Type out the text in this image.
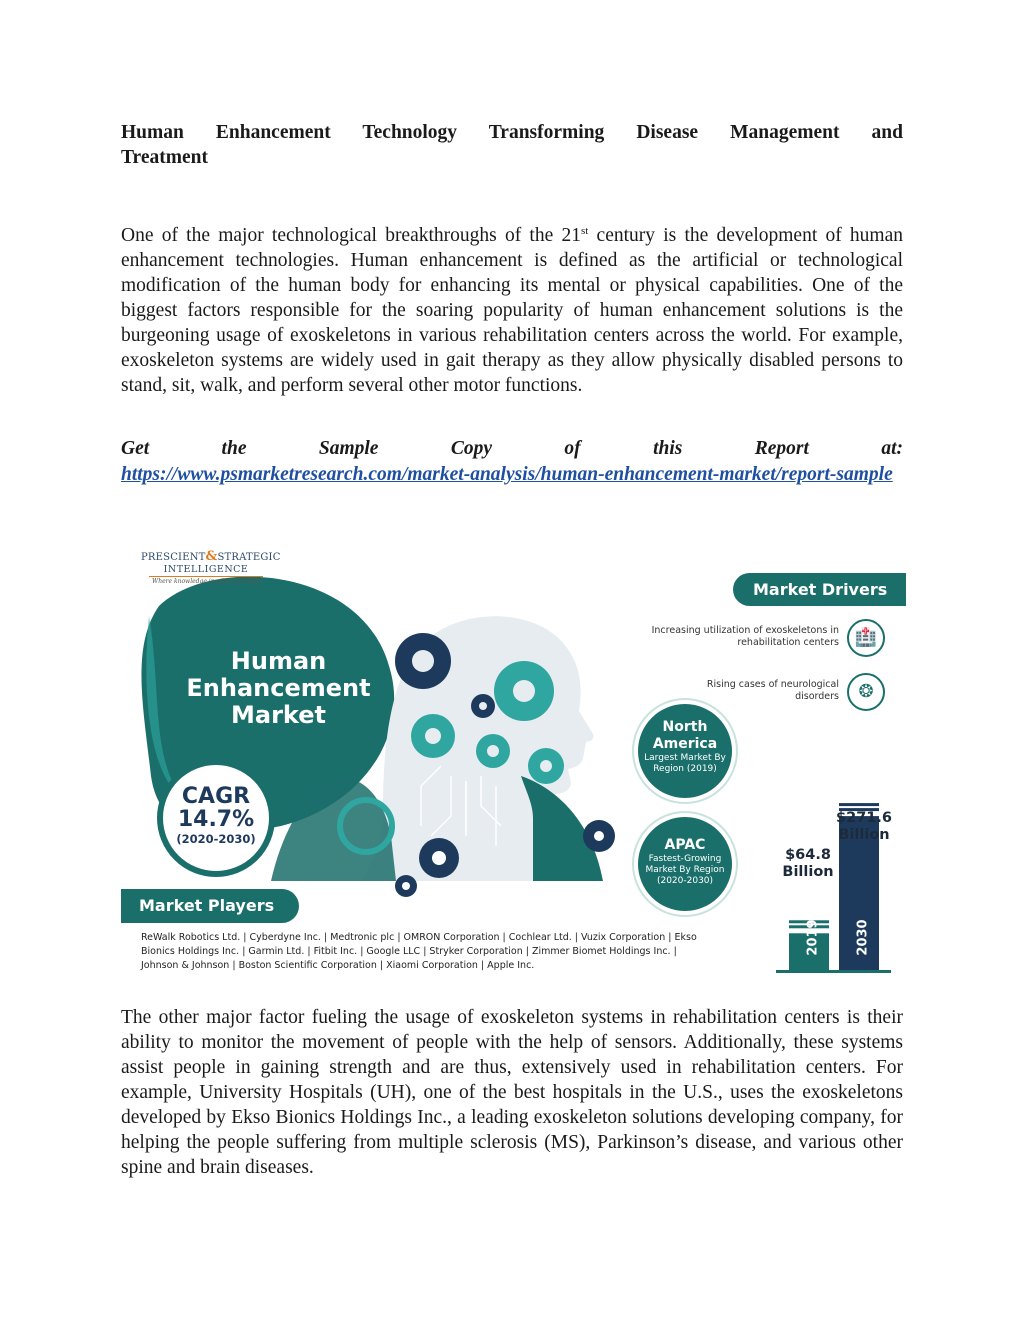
Human Enhancement Technology Transforming Disease Management and
Treatment

One of the major technological breakthroughs of the 21st century is the development of human enhancement technologies. Human enhancement is defined as the artificial or technological modification of the human body for enhancing its mental or physical capabilities. One of the biggest factors responsible for the soaring popularity of human enhancement solutions is the burgeoning usage of exoskeletons in various rehabilitation centers across the world. For example, exoskeleton systems are widely used in gait therapy as they allow physically disabled persons to stand, sit, walk, and perform several other motor functions.

Get the Sample Copy of this Report at:
https://www.psmarketresearch.com/market-analysis/human-enhancement-market/report-sample
PRESCIENT&STRATEGIC
INTELLIGENCE
Where knowledge inspires strategy
Human Enhancement Market
CAGR
14.7%
(2020-2030)
Market Drivers
Increasing utilization of exoskeletons in rehabilitation centers 🏥
Rising cases of neurological disorders	❂
North America
Largest Market By Region (2019)
APAC
Fastest-Growing Market By Region (2020-2030)
$64.8 Billion
$271.6 Billion
2019	2030
Market Players
ReWalk Robotics Ltd. | Cyberdyne Inc. | Medtronic plc | OMRON Corporation | Cochlear Ltd. | Vuzix Corporation | Ekso Bionics Holdings Inc. | Garmin Ltd. | Fitbit Inc. | Google LLC | Stryker Corporation | Zimmer Biomet Holdings Inc. | Johnson & Johnson | Boston Scientific Corporation | Xiaomi Corporation | Apple Inc.

The other major factor fueling the usage of exoskeleton systems in rehabilitation centers is their ability to monitor the movement of people with the help of sensors. Additionally, these systems assist people in gaining strength and are thus, extensively used in rehabilitation centers. For example, University Hospitals (UH), one of the best hospitals in the U.S., uses the exoskeletons developed by Ekso Bionics Holdings Inc., a leading exoskeleton solutions developing company, for helping the people suffering from multiple sclerosis (MS), Parkinson’s disease, and various other spine and brain diseases.
